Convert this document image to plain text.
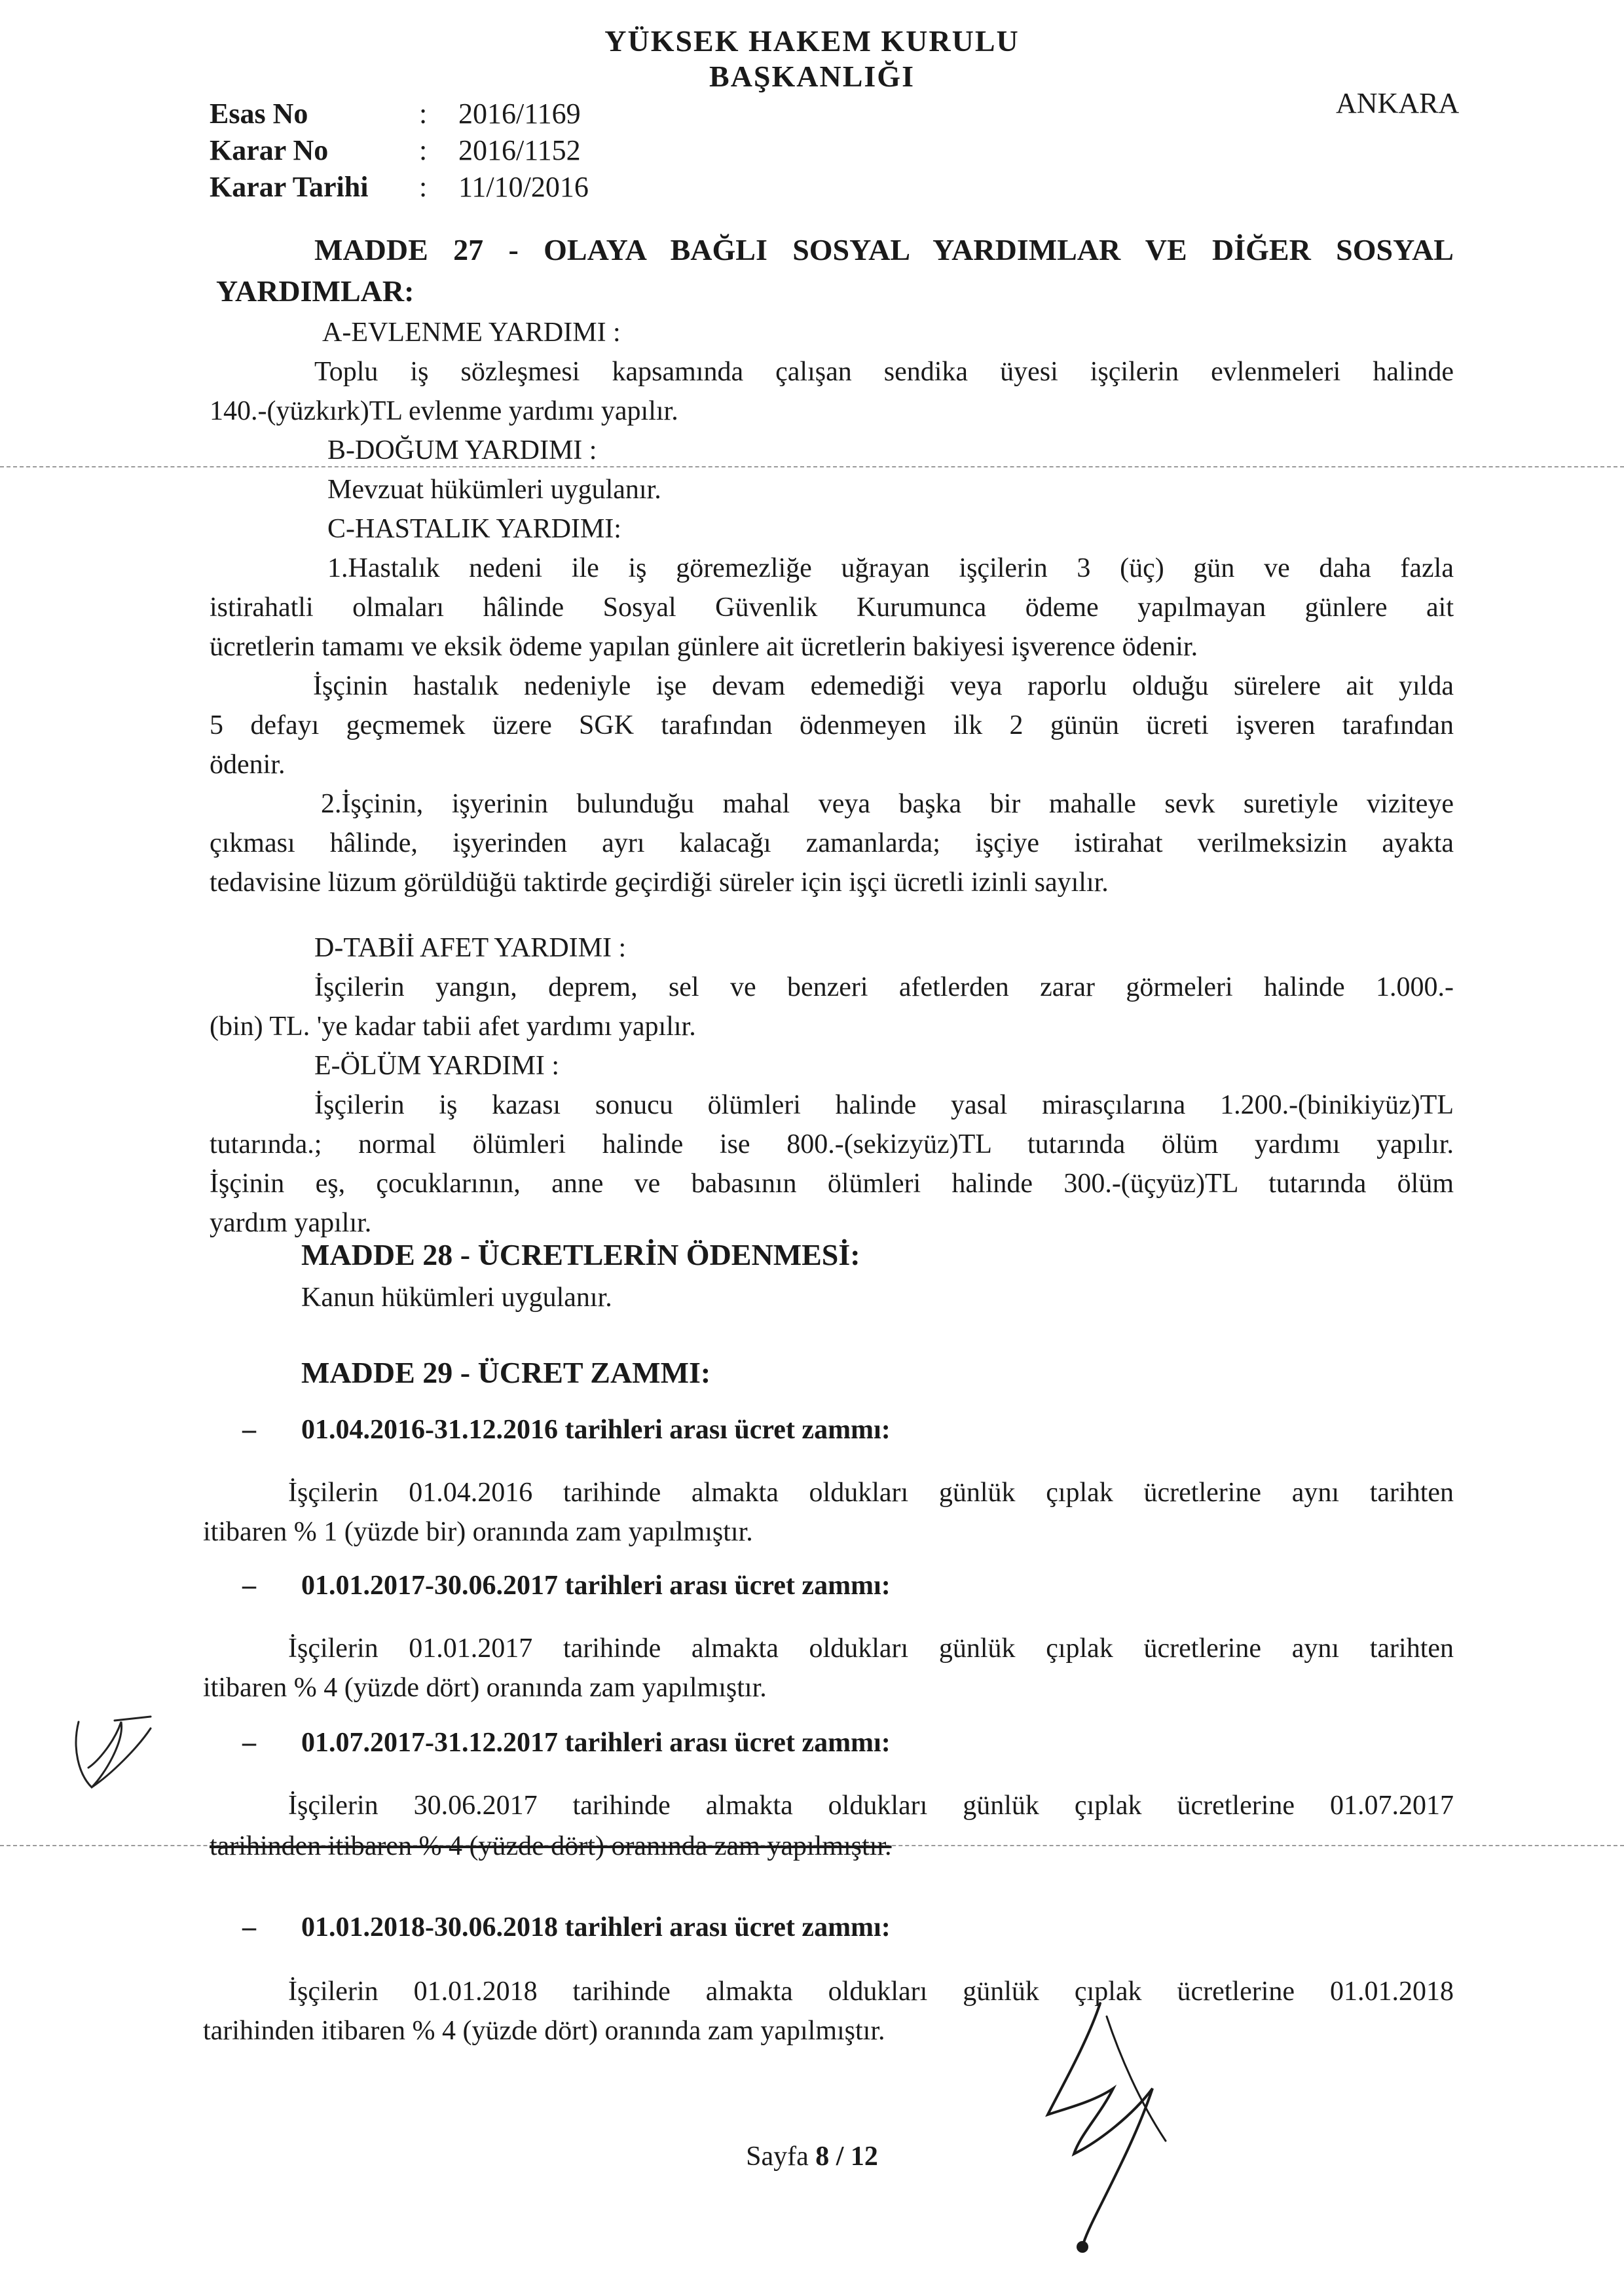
YÜKSEK HAKEM KURULU
BAŞKANLIĞI
ANKARA
Esas No	: 2016/1169
Karar No	: 2016/1152
Karar Tarihi : 11/10/2016
MADDE 27 - OLAYA BAĞLI SOSYAL YARDIMLAR VE DİĞER SOSYAL
YARDIMLAR:
A-EVLENME YARDIMI :
Toplu iş sözleşmesi kapsamında çalışan sendika üyesi işçilerin evlenmeleri halinde
140.-(yüzkırk)TL evlenme yardımı yapılır.
B-DOĞUM YARDIMI :
Mevzuat hükümleri uygulanır.
C-HASTALIK YARDIMI:
1.Hastalık nedeni ile iş göremezliğe uğrayan işçilerin 3 (üç) gün ve daha fazla
istirahatli olmaları hâlinde Sosyal Güvenlik Kurumunca ödeme yapılmayan günlere ait
ücretlerin tamamı ve eksik ödeme yapılan günlere ait ücretlerin bakiyesi işverence ödenir.
İşçinin hastalık nedeniyle işe devam edemediği veya raporlu olduğu sürelere ait yılda
5 defayı geçmemek üzere SGK tarafından ödenmeyen ilk 2 günün ücreti işveren tarafından
ödenir.
2.İşçinin, işyerinin bulunduğu mahal veya başka bir mahalle sevk suretiyle viziteye
çıkması hâlinde, işyerinden ayrı kalacağı zamanlarda; işçiye istirahat verilmeksizin ayakta
tedavisine lüzum görüldüğü taktirde geçirdiği süreler için işçi ücretli izinli sayılır.
D-TABİİ AFET YARDIMI :
İşçilerin yangın, deprem, sel ve benzeri afetlerden zarar görmeleri halinde 1.000.-
(bin) TL. 'ye kadar tabii afet yardımı yapılır.
E-ÖLÜM YARDIMI :
İşçilerin iş kazası sonucu ölümleri halinde yasal mirasçılarına 1.200.-(binikiyüz)TL
tutarında.; normal ölümleri halinde ise 800.-(sekizyüz)TL tutarında ölüm yardımı yapılır.
İşçinin eş, çocuklarının, anne ve babasının ölümleri halinde 300.-(üçyüz)TL tutarında ölüm
yardım yapılır.
MADDE 28 - ÜCRETLERİN ÖDENMESİ:
Kanun hükümleri uygulanır.
MADDE 29 - ÜCRET ZAMMI:
– 01.04.2016-31.12.2016 tarihleri arası ücret zammı:
İşçilerin 01.04.2016 tarihinde almakta oldukları günlük çıplak ücretlerine aynı tarihten
itibaren % 1 (yüzde bir) oranında zam yapılmıştır.
– 01.01.2017-30.06.2017 tarihleri arası ücret zammı:
İşçilerin 01.01.2017 tarihinde almakta oldukları günlük çıplak ücretlerine aynı tarihten
itibaren % 4 (yüzde dört) oranında zam yapılmıştır.
– 01.07.2017-31.12.2017 tarihleri arası ücret zammı:
İşçilerin 30.06.2017 tarihinde almakta oldukları günlük çıplak ücretlerine 01.07.2017
tarihinden itibaren % 4 (yüzde dört) oranında zam yapılmıştır.
– 01.01.2018-30.06.2018 tarihleri arası ücret zammı:
İşçilerin 01.01.2018 tarihinde almakta oldukları günlük çıplak ücretlerine 01.01.2018
tarihinden itibaren % 4 (yüzde dört) oranında zam yapılmıştır.
Sayfa 8 / 12
